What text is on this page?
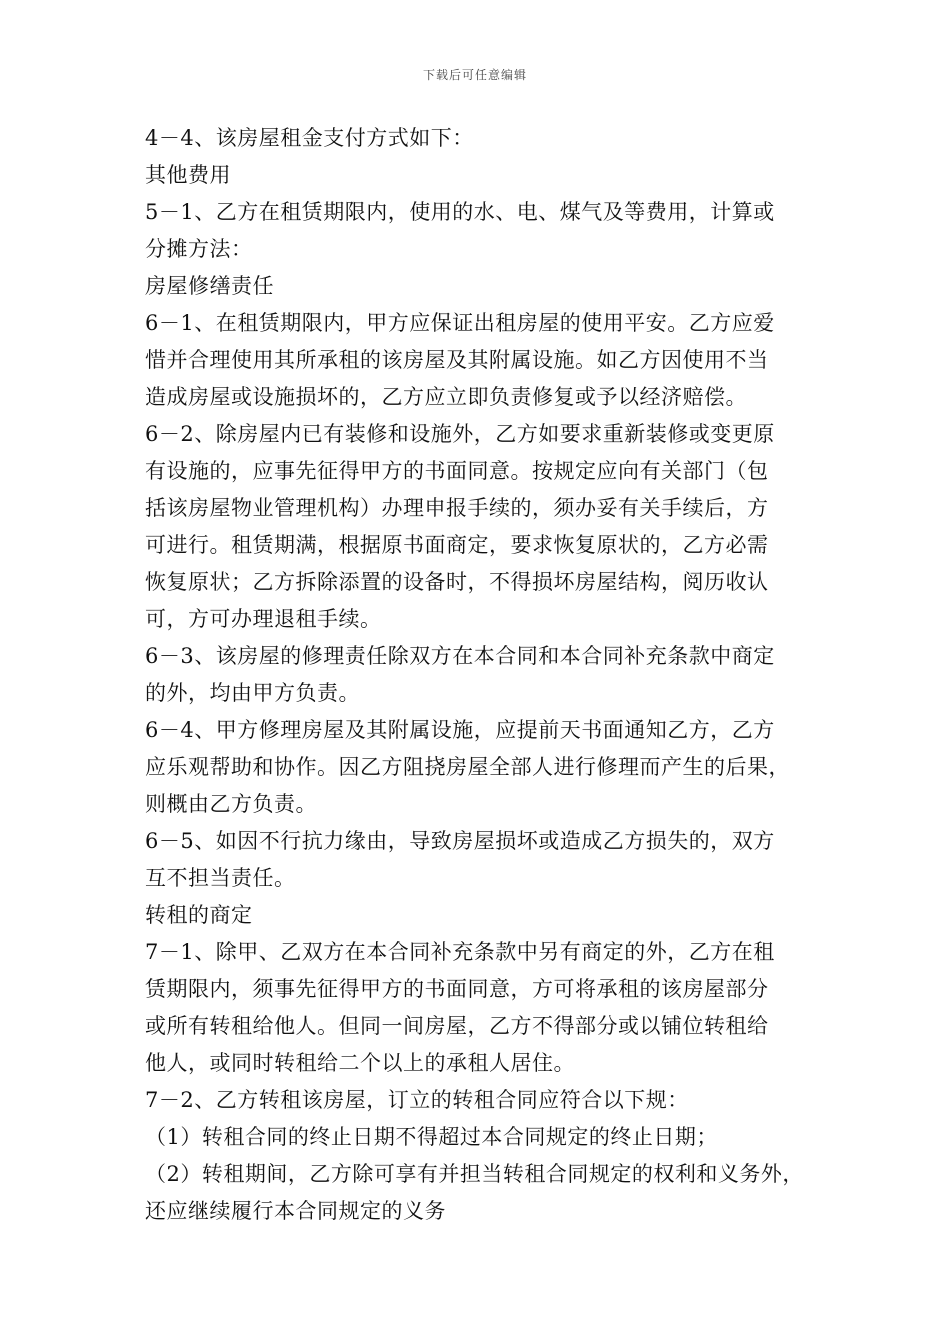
下载后可任意编辑
4－4、该房屋租金支付方式如下：
其他费用
5－1、乙方在租赁期限内，使用的水、电、煤气及等费用，计算或
分摊方法：
房屋修缮责任
6－1、在租赁期限内，甲方应保证出租房屋的使用平安。乙方应爱
惜并合理使用其所承租的该房屋及其附属设施。如乙方因使用不当
造成房屋或设施损坏的，乙方应立即负责修复或予以经济赔偿。
6－2、除房屋内已有装修和设施外，乙方如要求重新装修或变更原
有设施的，应事先征得甲方的书面同意。按规定应向有关部门（包
括该房屋物业管理机构）办理申报手续的，须办妥有关手续后，方
可进行。租赁期满，根据原书面商定，要求恢复原状的，乙方必需
恢复原状；乙方拆除添置的设备时，不得损坏房屋结构，阅历收认
可，方可办理退租手续。
6－3、该房屋的修理责任除双方在本合同和本合同补充条款中商定
的外，均由甲方负责。
6－4、甲方修理房屋及其附属设施，应提前天书面通知乙方，乙方
应乐观帮助和协作。因乙方阻挠房屋全部人进行修理而产生的后果，
则概由乙方负责。
6－5、如因不行抗力缘由，导致房屋损坏或造成乙方损失的，双方
互不担当责任。
转租的商定
7－1、除甲、乙双方在本合同补充条款中另有商定的外，乙方在租
赁期限内，须事先征得甲方的书面同意，方可将承租的该房屋部分
或所有转租给他人。但同一间房屋，乙方不得部分或以铺位转租给
他人，或同时转租给二个以上的承租人居住。
7－2、乙方转租该房屋，订立的转租合同应符合以下规：
（1）转租合同的终止日期不得超过本合同规定的终止日期；
（2）转租期间，乙方除可享有并担当转租合同规定的权利和义务外，
还应继续履行本合同规定的义务
